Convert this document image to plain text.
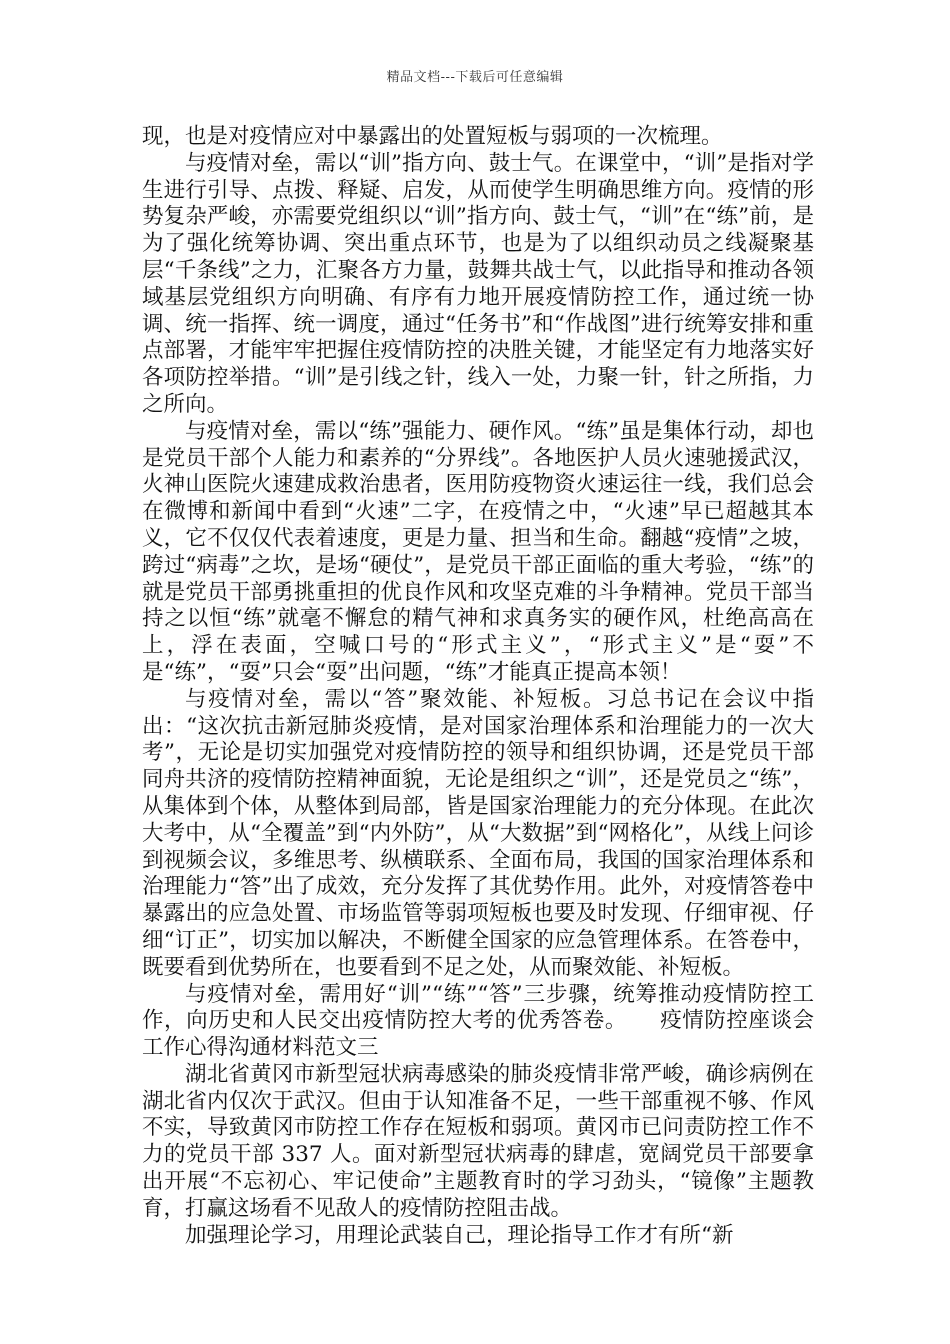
精品文档---下载后可任意编辑

现，也是对疫情应对中暴露出的处置短板与弱项的一次梳理。

与疫情对垒，需以“训”指方向、鼓士气。在课堂中，“训”是指对学生进行引导、点拨、释疑、启发，从而使学生明确思维方向。疫情的形势复杂严峻，亦需要党组织以“训”指方向、鼓士气，“训”在“练”前，是为了强化统筹协调、突出重点环节，也是为了以组织动员之线凝聚基层“千条线”之力，汇聚各方力量，鼓舞共战士气，以此指导和推动各领域基层党组织方向明确、有序有力地开展疫情防控工作，通过统一协调、统一指挥、统一调度，通过“任务书”和“作战图”进行统筹安排和重点部署，才能牢牢把握住疫情防控的决胜关键，才能坚定有力地落实好各项防控举措。“训”是引线之针，线入一处，力聚一针，针之所指，力之所向。

与疫情对垒，需以“练”强能力、硬作风。“练”虽是集体行动，却也是党员干部个人能力和素养的“分界线”。各地医护人员火速驰援武汉，火神山医院火速建成救治患者，医用防疫物资火速运往一线，我们总会在微博和新闻中看到“火速”二字，在疫情之中，“火速”早已超越其本义，它不仅仅代表着速度，更是力量、担当和生命。翻越“疫情”之坡，跨过“病毒”之坎，是场“硬仗”，是党员干部正面临的重大考验，“练”的就是党员干部勇挑重担的优良作风和攻坚克难的斗争精神。党员干部当持之以恒“练”就毫不懈怠的精气神和求真务实的硬作风，杜绝高高在上，浮在表面，空喊口号的“形式主义”，“形式主义”是“耍”不是“练”，“耍”只会“耍”出问题，“练”才能真正提高本领！

与疫情对垒，需以“答”聚效能、补短板。习总书记在会议中指出：“这次抗击新冠肺炎疫情，是对国家治理体系和治理能力的一次大考”，无论是切实加强党对疫情防控的领导和组织协调，还是党员干部同舟共济的疫情防控精神面貌，无论是组织之“训”，还是党员之“练”，从集体到个体，从整体到局部，皆是国家治理能力的充分体现。在此次大考中，从“全覆盖”到“内外防”，从“大数据”到“网格化”，从线上问诊到视频会议，多维思考、纵横联系、全面布局，我国的国家治理体系和治理能力“答”出了成效，充分发挥了其优势作用。此外，对疫情答卷中暴露出的应急处置、市场监管等弱项短板也要及时发现、仔细审视、仔细“订正”，切实加以解决，不断健全国家的应急管理体系。在答卷中，既要看到优势所在，也要看到不足之处，从而聚效能、补短板。

与疫情对垒，需用好“训”“练”“答”三步骤，统筹推动疫情防控工作，向历史和人民交出疫情防控大考的优秀答卷。　　疫情防控座谈会工作心得沟通材料范文三

湖北省黄冈市新型冠状病毒感染的肺炎疫情非常严峻，确诊病例在湖北省内仅次于武汉。但由于认知准备不足，一些干部重视不够、作风不实，导致黄冈市防控工作存在短板和弱项。黄冈市已问责防控工作不力的党员干部 337 人。面对新型冠状病毒的肆虐，宽阔党员干部要拿出开展“不忘初心、牢记使命”主题教育时的学习劲头，“镜像”主题教育，打赢这场看不见敌人的疫情防控阻击战。

加强理论学习，用理论武装自己，理论指导工作才有所“新
